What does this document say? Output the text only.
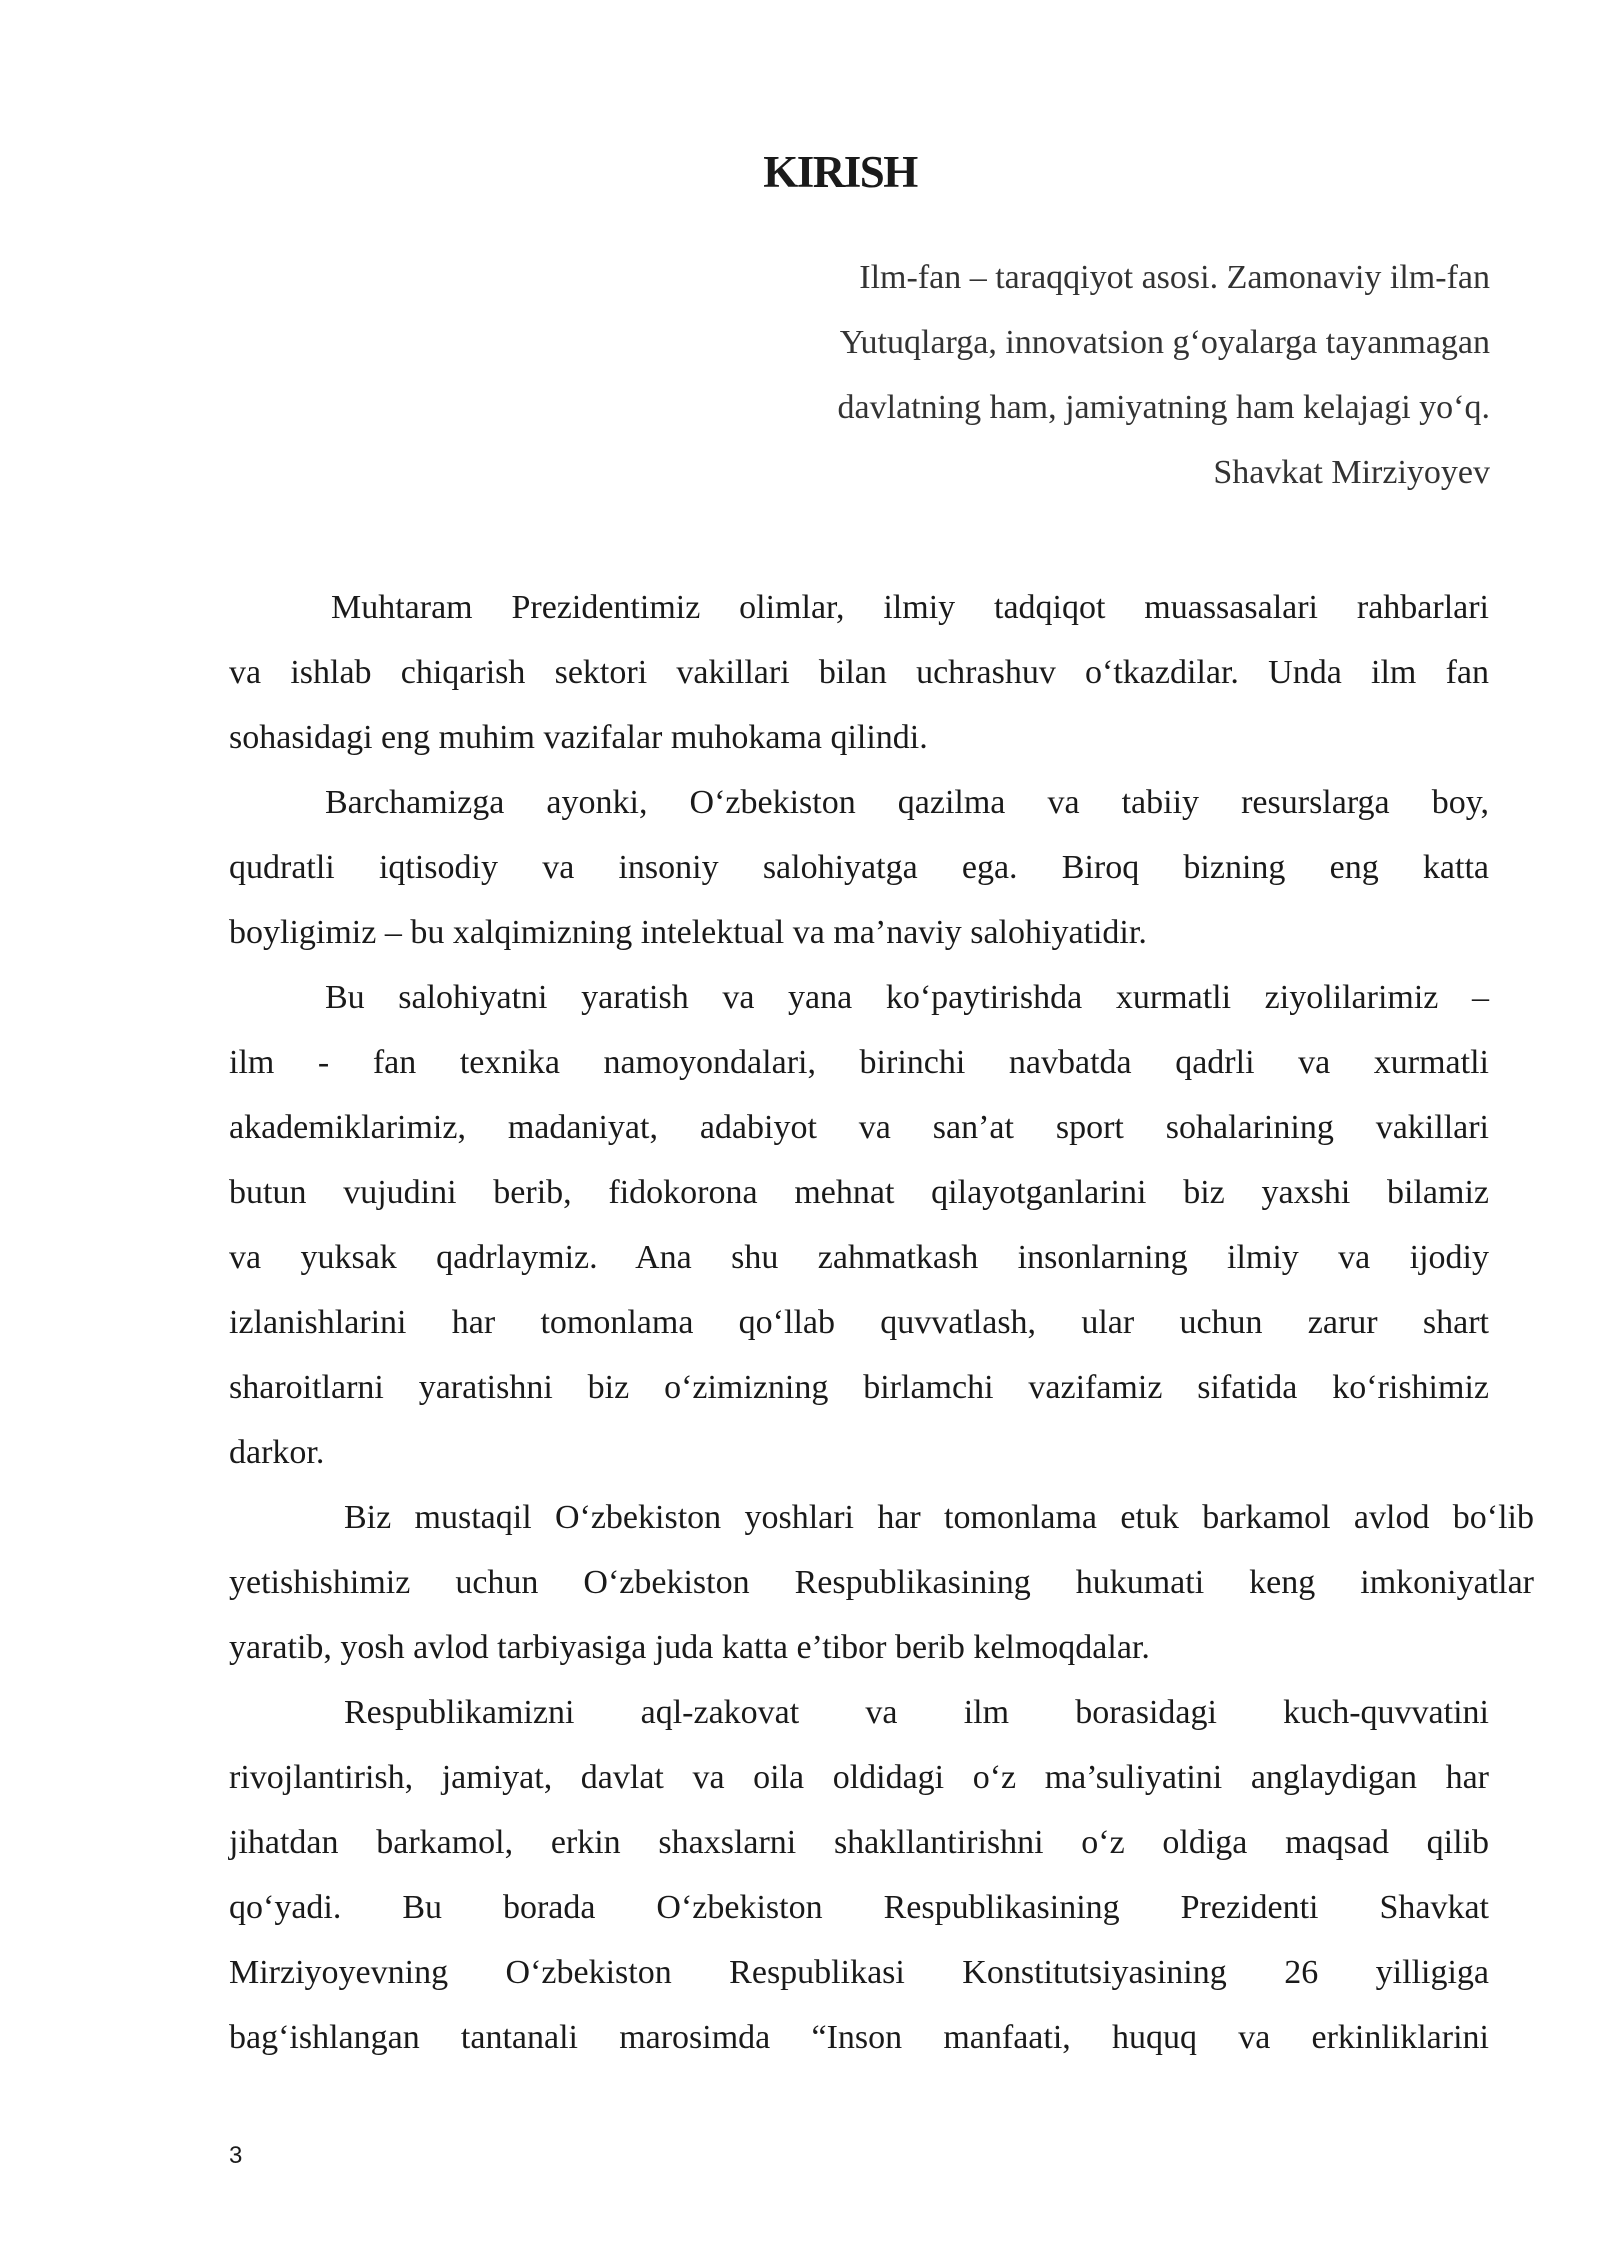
KIRISH
Ilm-fan – taraqqiyot asosi. Zamonaviy ilm-fan
Yutuqlarga, innovatsion g‘oyalarga tayanmagan
davlatning ham, jamiyatning ham kelajagi yo‘q.
Shavkat Mirziyoyev
Muhtaram Prezidentimiz olimlar, ilmiy tadqiqot muassasalari rahbarlari
va ishlab chiqarish sektori vakillari bilan uchrashuv o‘tkazdilar. Unda ilm fan
sohasidagi eng muhim vazifalar muhokama qilindi.
Barchamizga ayonki, O‘zbekiston qazilma va tabiiy resurslarga boy,
qudratli iqtisodiy va insoniy salohiyatga ega. Biroq bizning eng katta
boyligimiz – bu xalqimizning intelektual va ma’naviy salohiyatidir.
Bu salohiyatni yaratish va yana ko‘paytirishda xurmatli ziyolilarimiz –
ilm - fan texnika namoyondalari, birinchi navbatda qadrli va xurmatli
akademiklarimiz, madaniyat, adabiyot va san’at sport sohalarining vakillari
butun vujudini berib, fidokorona mehnat qilayotganlarini biz yaxshi bilamiz
va yuksak qadrlaymiz. Ana shu zahmatkash insonlarning ilmiy va ijodiy
izlanishlarini har tomonlama qo‘llab quvvatlash, ular uchun zarur shart
sharoitlarni yaratishni biz o‘zimizning birlamchi vazifamiz sifatida ko‘rishimiz
darkor.
Biz mustaqil O‘zbekiston yoshlari har tomonlama etuk barkamol avlod bo‘lib
yetishishimiz uchun O‘zbekiston Respublikasining hukumati keng imkoniyatlar
yaratib, yosh avlod tarbiyasiga juda katta e’tibor berib kelmoqdalar.
Respublikamizni aql-zakovat va ilm borasidagi kuch-quvvatini
rivojlantirish, jamiyat, davlat va oila oldidagi o‘z ma’suliyatini anglaydigan har
jihatdan barkamol, erkin shaxslarni shakllantirishni o‘z oldiga maqsad qilib
qo‘yadi. Bu borada O‘zbekiston Respublikasining Prezidenti Shavkat
Mirziyoyevning O‘zbekiston Respublikasi Konstitutsiyasining 26 yilligiga
bag‘ishlangan tantanali marosimda “Inson manfaati, huquq va erkinliklarini
3
